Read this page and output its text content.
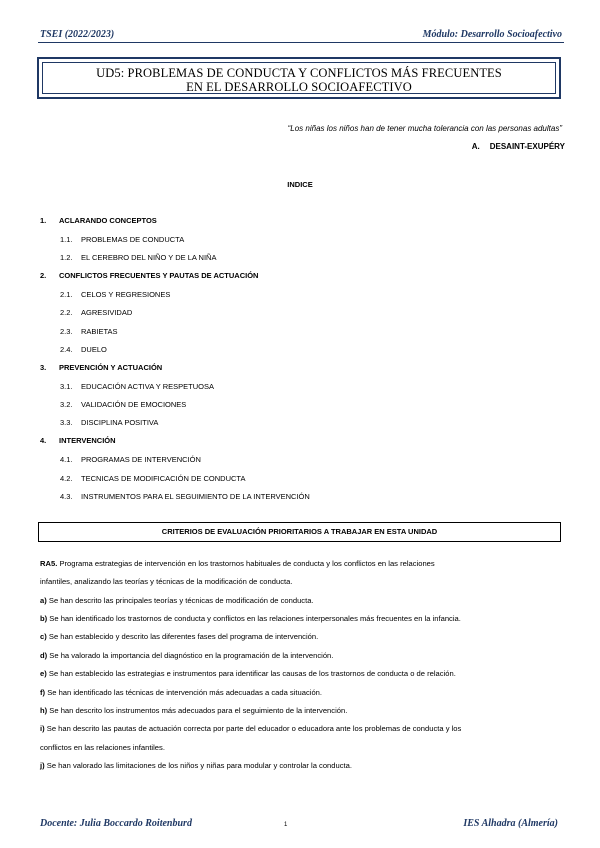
TSEI (2022/2023)	Módulo: Desarrollo Socioafectivo
UD5: PROBLEMAS DE CONDUCTA Y CONFLICTOS MÁS FRECUENTES
EN EL DESARROLLO SOCIOAFECTIVO
“Los niñas los niños han de tener mucha tolerancia con las personas adultas”
A. DESAINT-EXUPÉRY
INDICE
1. ACLARANDO CONCEPTOS
1.1. PROBLEMAS DE CONDUCTA
1.2. EL CEREBRO DEL NIÑO Y DE LA NIÑA
2. CONFLICTOS FRECUENTES Y PAUTAS DE ACTUACIÓN
2.1. CELOS Y REGRESIONES
2.2. AGRESIVIDAD
2.3. RABIETAS
2.4. DUELO
3. PREVENCIÓN Y ACTUACIÓN
3.1. EDUCACIÓN ACTIVA Y RESPETUOSA
3.2. VALIDACIÓN DE EMOCIONES
3.3. DISCIPLINA POSITIVA
4. INTERVENCIÓN
4.1. PROGRAMAS DE INTERVENCIÓN
4.2. TECNICAS DE MODIFICACIÓN DE CONDUCTA
4.3. INSTRUMENTOS PARA EL SEGUIMIENTO DE LA INTERVENCIÓN
CRITERIOS DE EVALUACIÓN PRIORITARIOS A TRABAJAR EN ESTA UNIDAD
RA5. Programa estrategias de intervención en los trastornos habituales de conducta y los conflictos en las relaciones
infantiles, analizando las teorías y técnicas de la modificación de conducta.
a) Se han descrito las principales teorías y técnicas de modificación de conducta.
b) Se han identificado los trastornos de conducta y conflictos en las relaciones interpersonales más frecuentes en la infancia.
c) Se han establecido y descrito las diferentes fases del programa de intervención.
d) Se ha valorado la importancia del diagnóstico en la programación de la intervención.
e) Se han establecido las estrategias e instrumentos para identificar las causas de los trastornos de conducta o de relación.
f) Se han identificado las técnicas de intervención más adecuadas a cada situación.
h) Se han descrito los instrumentos más adecuados para el seguimiento de la intervención.
i) Se han descrito las pautas de actuación correcta por parte del educador o educadora ante los problemas de conducta y los
conflictos en las relaciones infantiles.
j) Se han valorado las limitaciones de los niños y niñas para modular y controlar la conducta.
Docente: Julia Boccardo Roitenburd	1	IES Alhadra (Almería)
